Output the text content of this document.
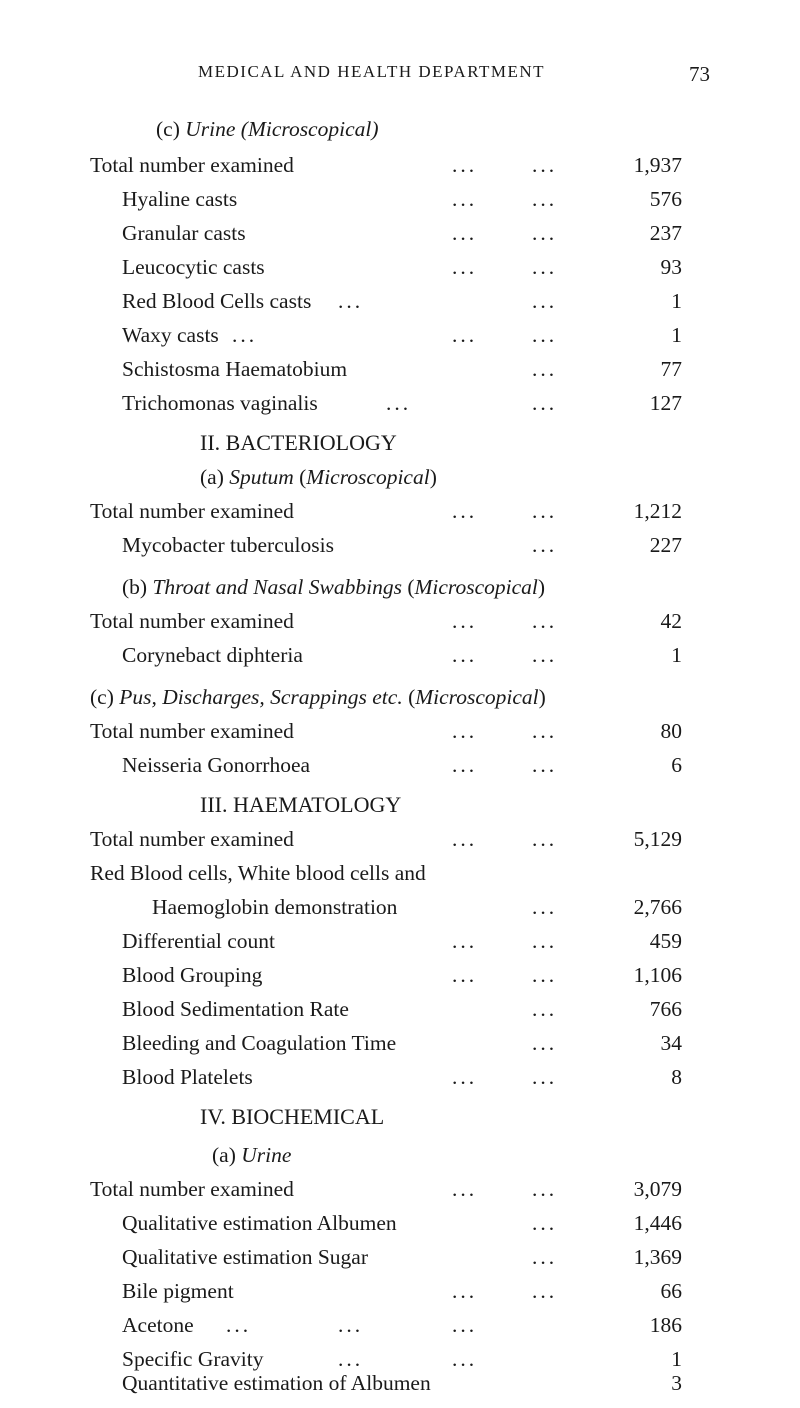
MEDICAL AND HEALTH DEPARTMENT	73
(c) Urine (Microscopical)
Total number examined	...	...	1,937
Hyaline casts	...	...	576
Granular casts	...	...	237
Leucocytic casts	...	...	93
Red Blood Cells casts ...	...	1
Waxy casts ...	...	...	1
Schistosma Haematobium	...	77
Trichomonas vaginalis	...	...	127
II. BACTERIOLOGY
(a) Sputum (Microscopical)
Total number examined	...	...	1,212
Mycobacter tuberculosis	...	227
(b) Throat and Nasal Swabbings (Microscopical)
Total number examined	...	...	42
Corynebact diphteria	...	...	1
(c) Pus, Discharges, Scrappings etc. (Microscopical)
Total number examined	...	...	80
Neisseria Gonorrhoea	...	...	6
III. HAEMATOLOGY
Total number examined	...	...	5,129
Red Blood cells, White blood cells and
Haemoglobin demonstration	...	2,766
Differential count	...	...	459
Blood Grouping	...	...	1,106
Blood Sedimentation Rate	...	766
Bleeding and Coagulation Time	...	34
Blood Platelets	...	...	8
IV. BIOCHEMICAL
(a) Urine
Total number examined	...	...	3,079
Qualitative estimation Albumen	...	1,446
Qualitative estimation Sugar	...	1,369
Bile pigment	...	...	66
Acetone ...	...	...	186
Specific Gravity	...	...	1
Quantitative estimation of Albumen	3
